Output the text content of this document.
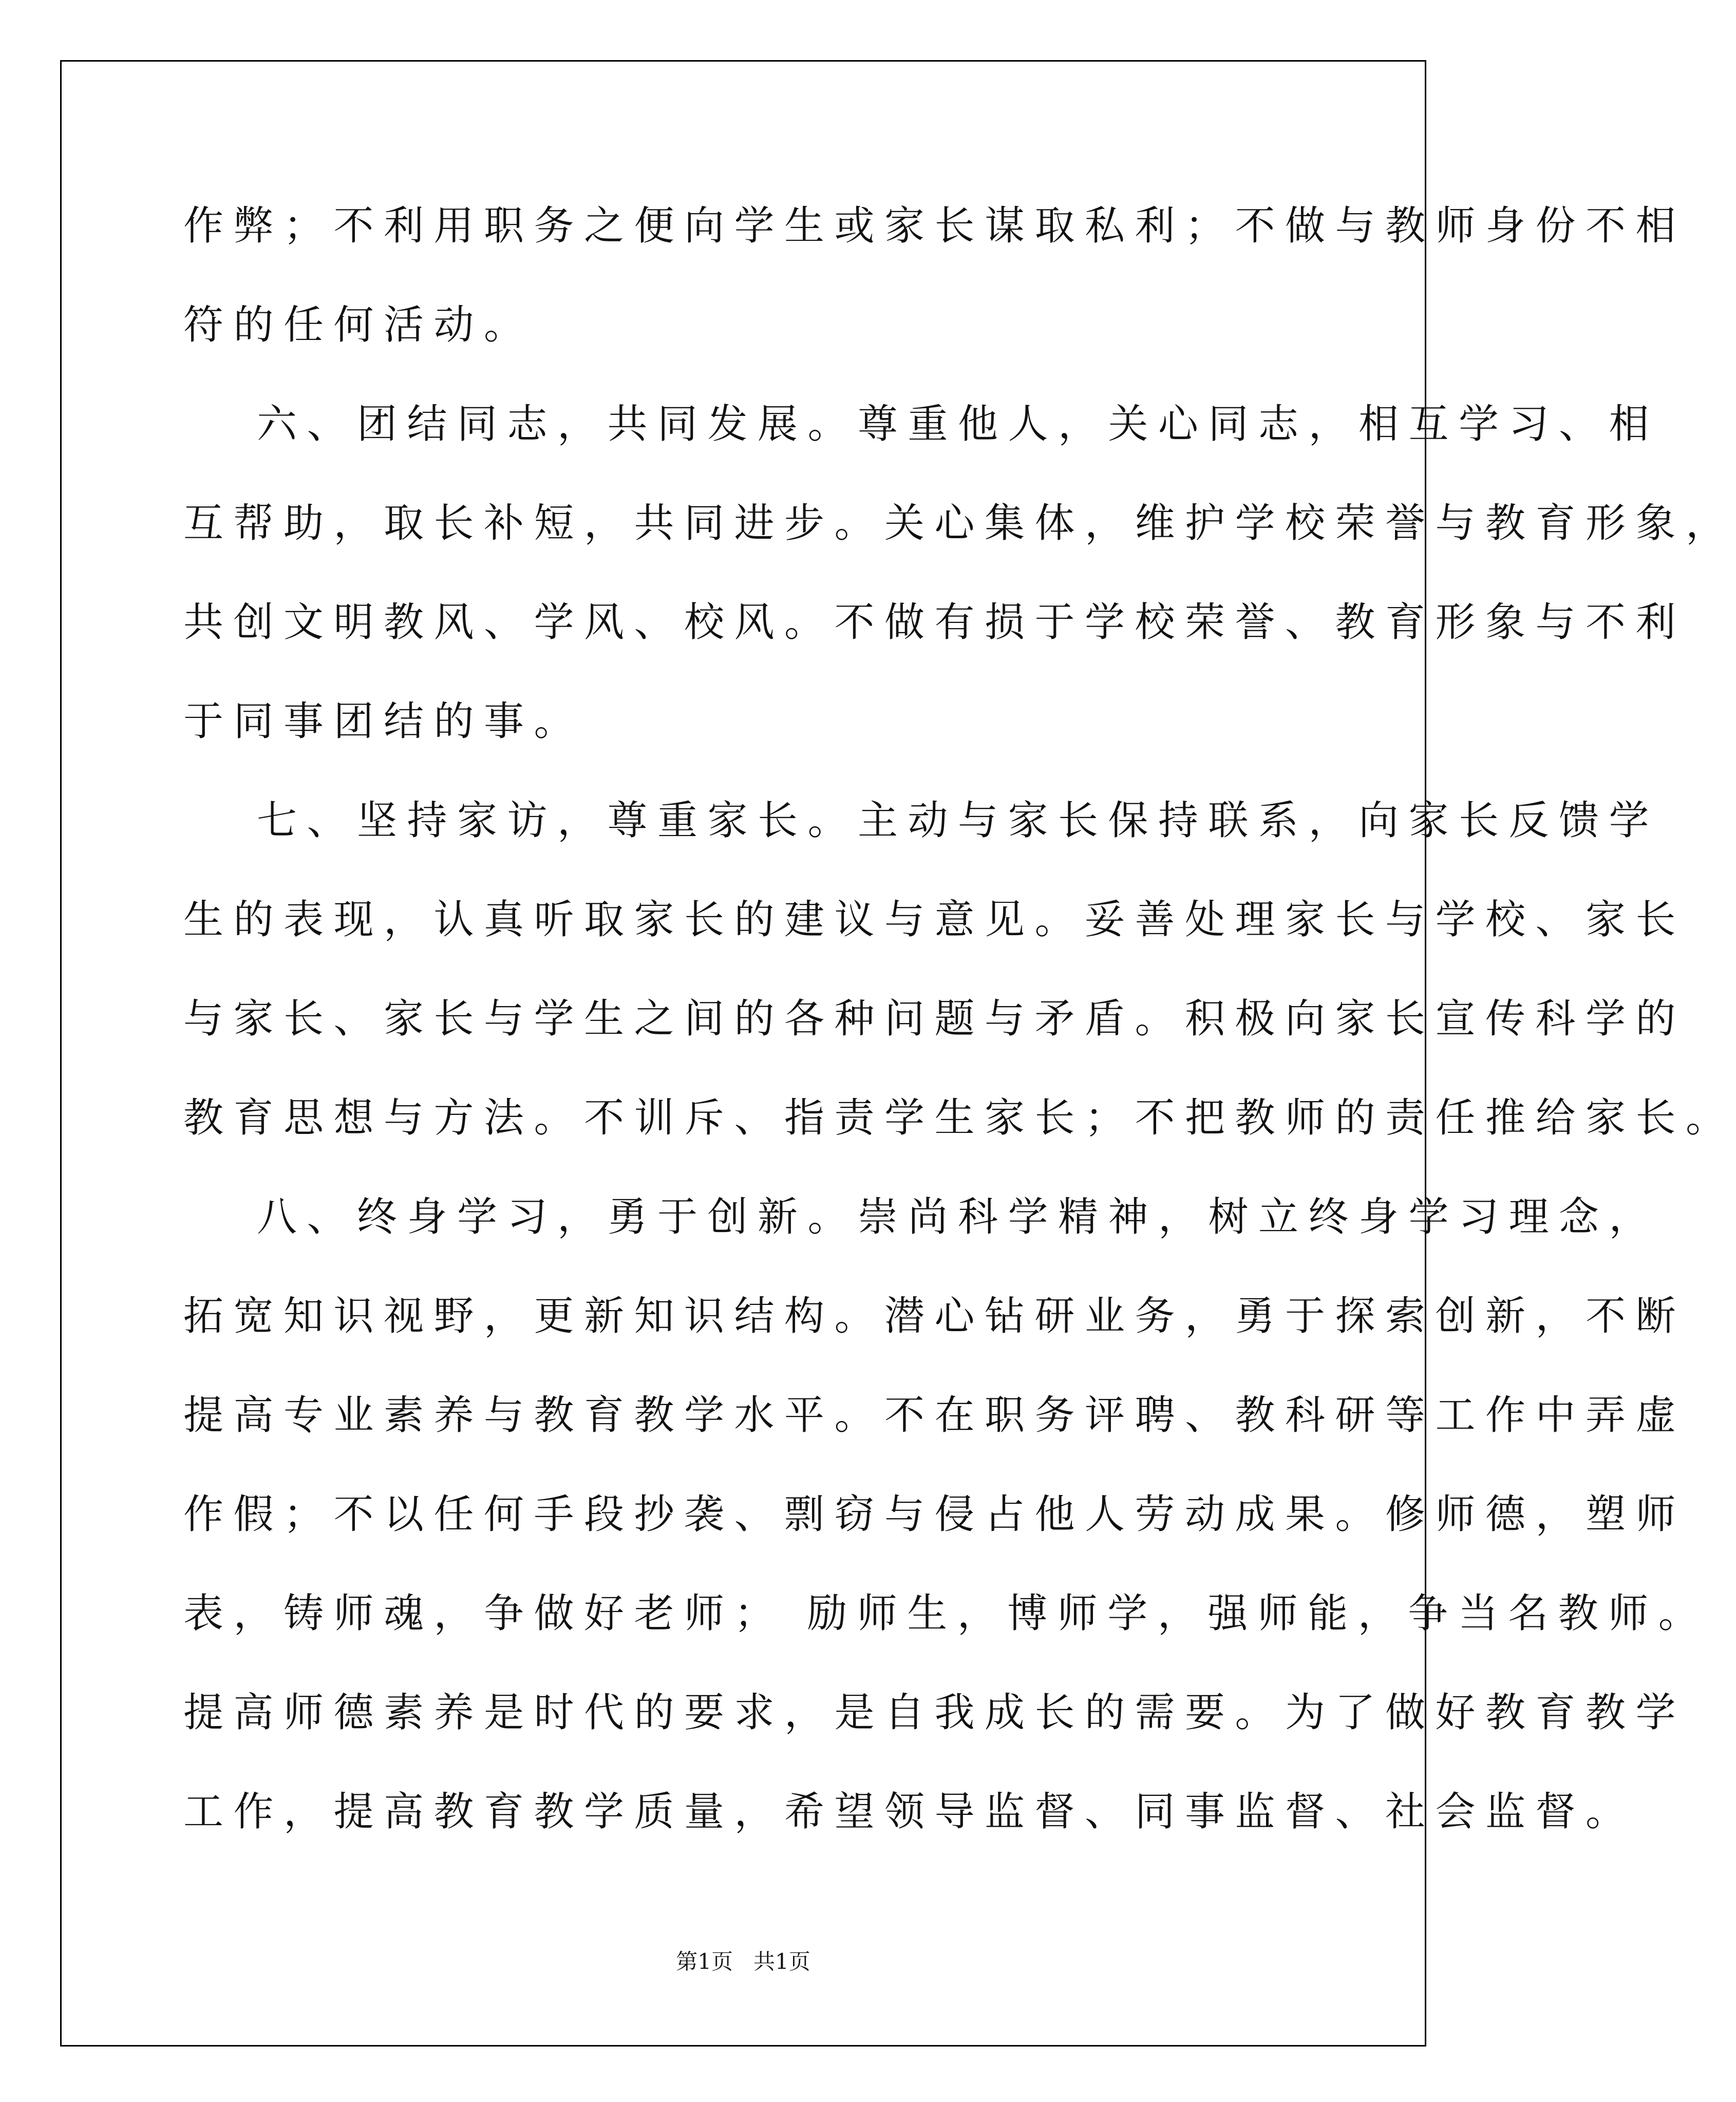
作弊；不利用职务之便向学生或家长谋取私利；不做与教师身份不相

符的任何活动。

六、团结同志，共同发展。尊重他人，关心同志，相互学习、相

互帮助，取长补短，共同进步。关心集体，维护学校荣誉与教育形象，

共创文明教风、学风、校风。不做有损于学校荣誉、教育形象与不利

于同事团结的事。

七、坚持家访，尊重家长。主动与家长保持联系，向家长反馈学

生的表现，认真听取家长的建议与意见。妥善处理家长与学校、家长

与家长、家长与学生之间的各种问题与矛盾。积极向家长宣传科学的

教育思想与方法。不训斥、指责学生家长；不把教师的责任推给家长。

八、终身学习，勇于创新。崇尚科学精神，树立终身学习理念，

拓宽知识视野，更新知识结构。潜心钻研业务，勇于探索创新，不断

提高专业素养与教育教学水平。不在职务评聘、教科研等工作中弄虚

作假；不以任何手段抄袭、剽窃与侵占他人劳动成果。修师德，塑师

表，铸师魂，争做好老师； 励师生，博师学，强师能，争当名教师。

提高师德素养是时代的要求，是自我成长的需要。为了做好教育教学

工作，提高教育教学质量，希望领导监督、同事监督、社会监督。

第1页   共1页
